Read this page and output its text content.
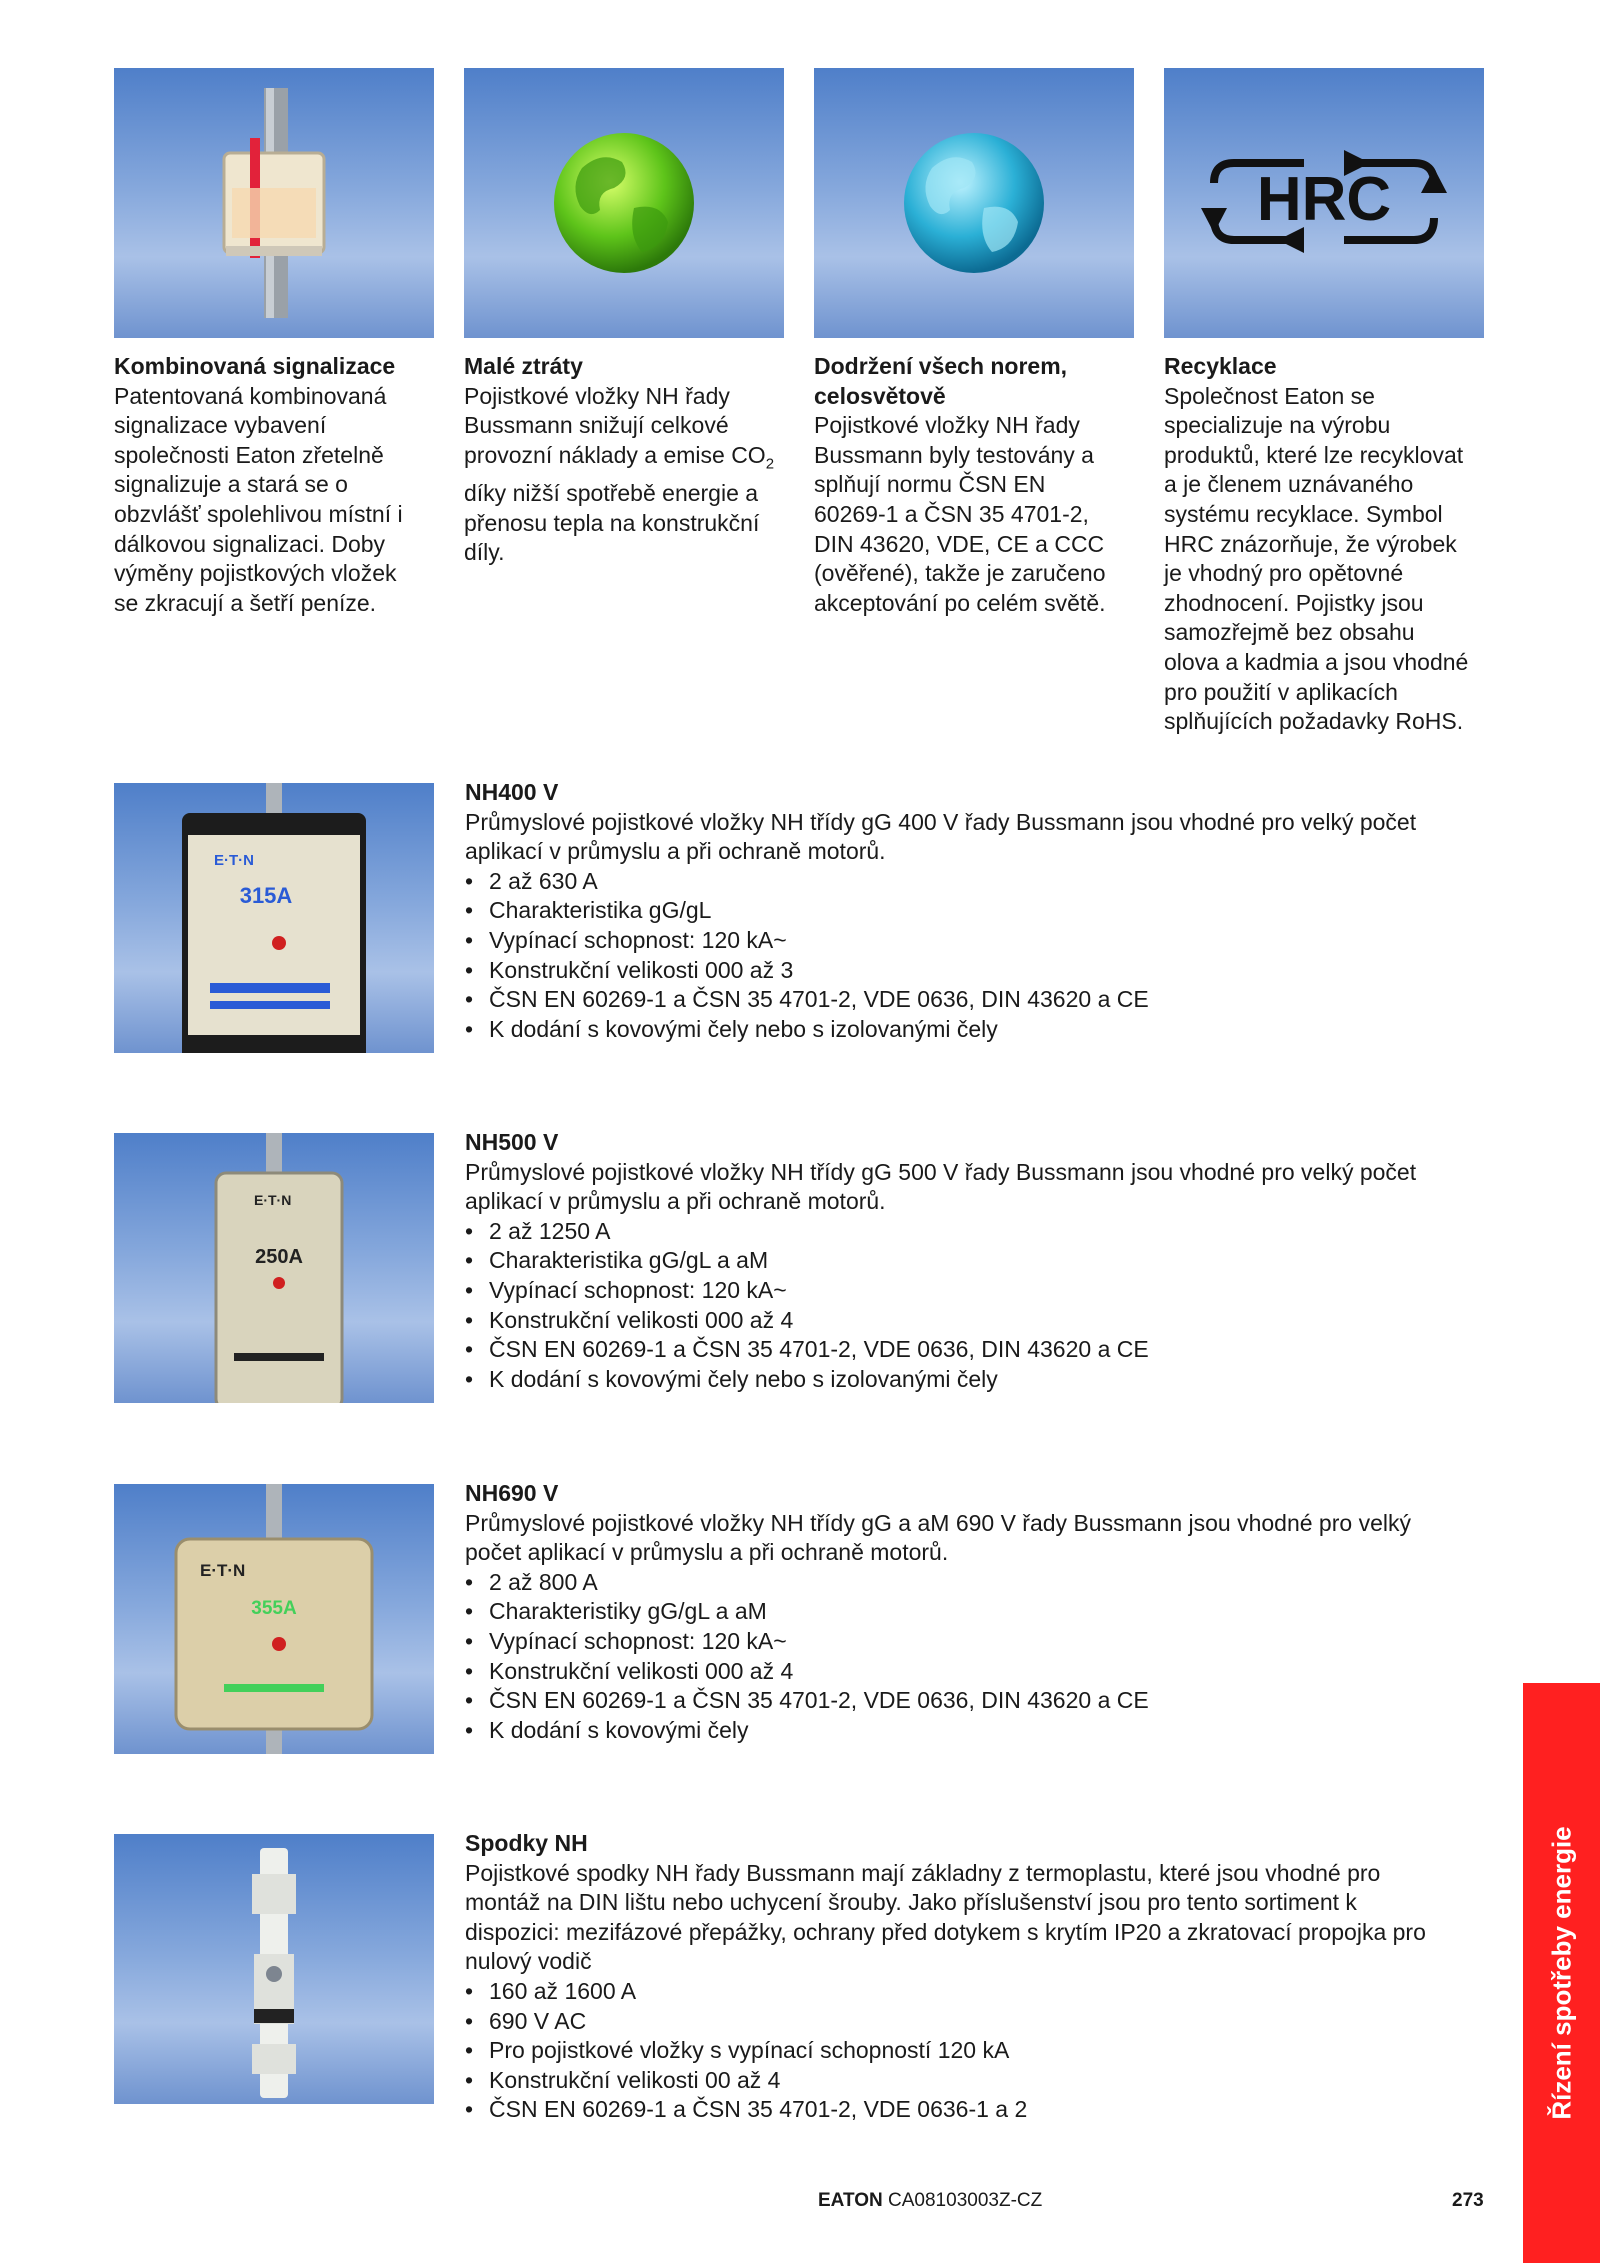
HRC
Kombinovaná signalizace

Patentovaná kombinovaná
signalizace vybavení
společnosti Eaton zřetelně
signalizuje a stará se o
obzvlášť spolehlivou místní i
dálkovou signalizaci. Doby
výměny pojistkových vložek
se zkracují a šetří peníze.

Malé ztráty

Pojistkové vložky NH řady
Bussmann snižují celkové
provozní náklady a emise $CO_2$
díky nižší spotřebě energie a
přenosu tepla na konstrukční
díly.

Dodržení všech norem,
celosvětově

Pojistkové vložky NH řady
Bussmann byly testovány a
splňují normu ČSN EN
60269-1 a ČSN 35 4701-2,
DIN 43620, VDE, CE a CCC
(ověřené), takže je zaručeno
akceptování po celém světě.

Recyklace

Společnost Eaton se
specializuje na výrobu
produktů, které lze recyklovat
a je členem uznávaného
systému recyklace. Symbol
HRC znázorňuje, že výrobek
je vhodný pro opětovné
zhodnocení. Pojistky jsou
samozřejmě bez obsahu
olova a kadmia a jsou vhodné
pro použití v aplikacích
splňujících požadavky RoHS.

E·T·N
315A
E·T·N
250A
E·T·N
355A
NH400 V

Průmyslové pojistkové vložky NH třídy gG 400 V řady Bussmann jsou vhodné pro velký počet
aplikací v průmyslu a při ochraně motorů.

• 2 až 630 A
• Charakteristika gG/gL
• Vypínací schopnost: 120 kA~
• Konstrukční velikosti 000 až 3
• ČSN EN 60269-1 a ČSN 35 4701-2, VDE 0636, DIN 43620 a CE
• K dodání s kovovými čely nebo s izolovanými čely
NH500 V

Průmyslové pojistkové vložky NH třídy gG 500 V řady Bussmann jsou vhodné pro velký počet
aplikací v průmyslu a při ochraně motorů.

• 2 až 1250 A
• Charakteristika gG/gL a aM
• Vypínací schopnost: 120 kA~
• Konstrukční velikosti 000 až 4
• ČSN EN 60269-1 a ČSN 35 4701-2, VDE 0636, DIN 43620 a CE
• K dodání s kovovými čely nebo s izolovanými čely
NH690 V

Průmyslové pojistkové vložky NH třídy gG a aM 690 V řady Bussmann jsou vhodné pro velký
počet aplikací v průmyslu a při ochraně motorů.

• 2 až 800 A
• Charakteristiky gG/gL a aM
• Vypínací schopnost: 120 kA~
• Konstrukční velikosti 000 až 4
• ČSN EN 60269-1 a ČSN 35 4701-2, VDE 0636, DIN 43620 a CE
• K dodání s kovovými čely
Spodky NH

Pojistkové spodky NH řady Bussmann mají základny z termoplastu, které jsou vhodné pro
montáž na DIN lištu nebo uchycení šrouby. Jako příslušenství jsou pro tento sortiment k
dispozici: mezifázové přepážky, ochrany před dotykem s krytím IP20 a zkratovací propojka pro
nulový vodič

• 160 až 1600 A
• 690 V AC
• Pro pojistkové vložky s vypínací schopností 120 kA
• Konstrukční velikosti 00 až 4
• ČSN EN 60269-1 a ČSN 35 4701-2, VDE 0636-1 a 2	Řízení spotřeby energie
EATON CA08103003Z-CZ	273
